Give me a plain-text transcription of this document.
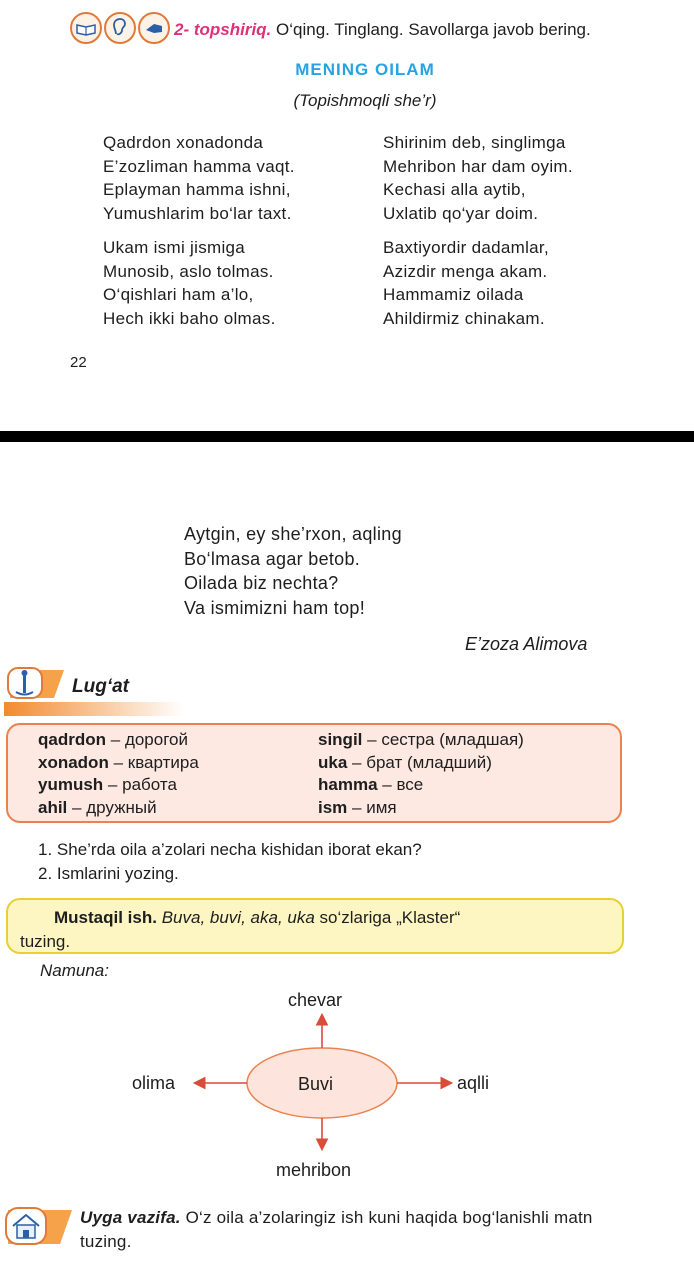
2- topshiriq. O‘qing. Tinglang. Savollarga javob bering.
MENING OILAM
(Topishmoqli she’r)
Qadrdon xonadonda
E’zozliman hamma vaqt.
Eplayman hamma ishni,
Yumushlarim bo‘lar taxt.
Shirinim deb, singlimga
Mehribon har dam oyim.
Kechasi alla aytib,
Uxlatib qo‘yar doim.
Ukam ismi jismiga
Munosib, aslo tolmas.
O‘qishlari ham a’lo,
Hech ikki baho olmas.
Baxtiyordir dadamlar,
Azizdir menga akam.
Hammamiz oilada
Ahildirmiz chinakam.
22
Aytgin, ey she’rxon, aqling
Bo‘lmasa agar betob.
Oilada biz nechta?
Va ismimizni ham top!
E’zoza Alimova
Lug‘at
qadrdon – дорогой
xonadon – квартира
yumush – работа
ahil – дружный
singil – сестра (младшая)
uka – брат (младший)
hamma – все
ism – имя
1. She’rda oila a’zolari necha kishidan iborat ekan?
2. Ismlarini yozing.
Mustaqil ish. Buva, buvi, aka, uka so‘zlariga „Klaster“
tuzing.
Namuna:
chevar
Buvi
olima	aqlli
mehribon
Uyga vazifa. O‘z oila a’zolaringiz ish kuni haqida bog‘lanishli matn tuzing.
